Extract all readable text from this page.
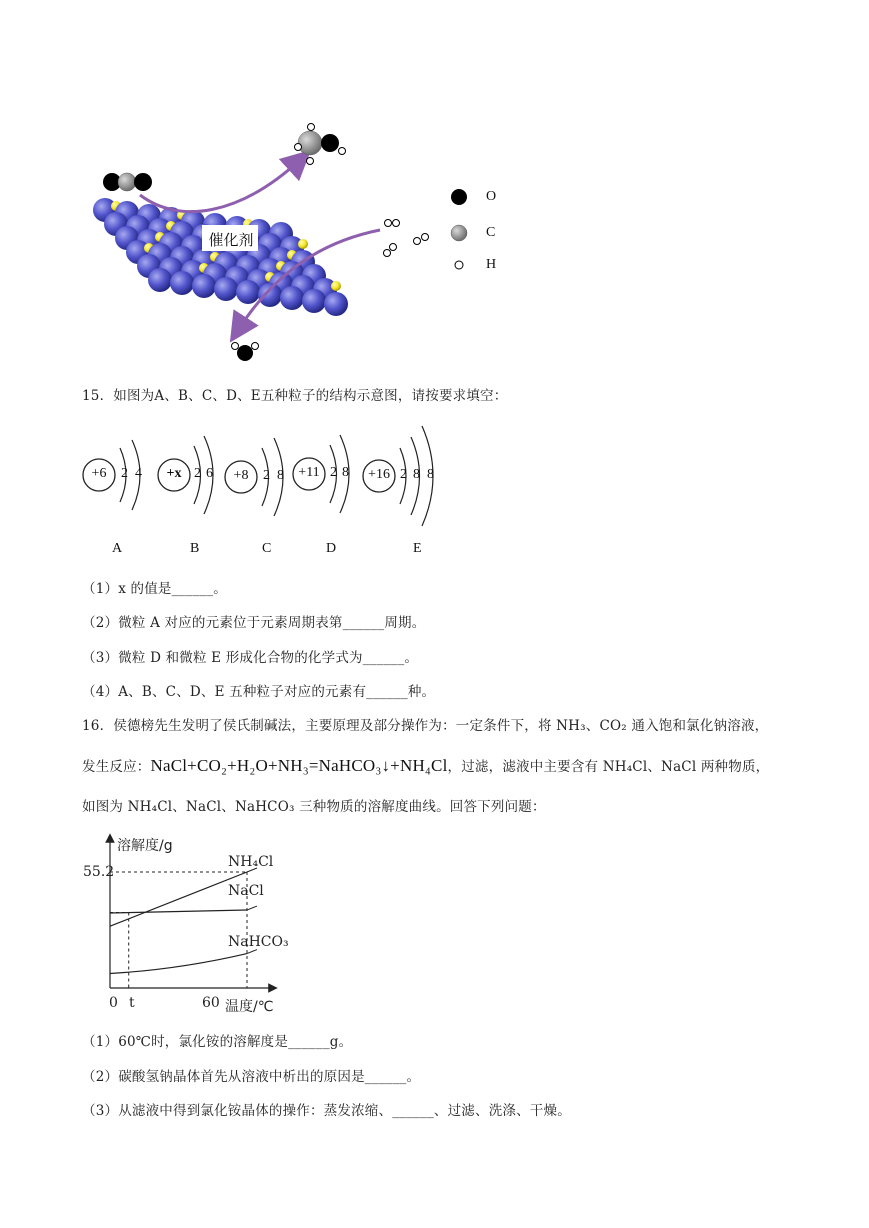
催化剂
O
C
H
15．如图为A、B、C、D、E五种粒子的结构示意图，请按要求填空：
+6	+x	+8	+11	+16
2 4	2 6	2 8	2 8	2 8 8
A	B	C	D	E
（1）x 的值是______。
（2）微粒 A 对应的元素位于元素周期表第______周期。
（3）微粒 D 和微粒 E 形成化合物的化学式为______。
（4）A、B、C、D、E 五种粒子对应的元素有______种。
16．侯德榜先生发明了侯氏制碱法，主要原理及部分操作为：一定条件下，将 NH₃、CO₂ 通入饱和氯化钠溶液，
发生反应：NaCl+CO₂+H₂O+NH₃=NaHCO₃↓+NH₄Cl，过滤，滤液中主要含有 NH₄Cl、NaCl 两种物质，
如图为 NH₄Cl、NaCl、NaHCO₃ 三种物质的溶解度曲线。回答下列问题：
溶解度/g
温度/℃
0 t	60
55.2
NH₄Cl
NaCl
NaHCO₃
（1）60℃时，氯化铵的溶解度是______g。
（2）碳酸氢钠晶体首先从溶液中析出的原因是______。
（3）从滤液中得到氯化铵晶体的操作：蒸发浓缩、______、过滤、洗涤、干燥。
